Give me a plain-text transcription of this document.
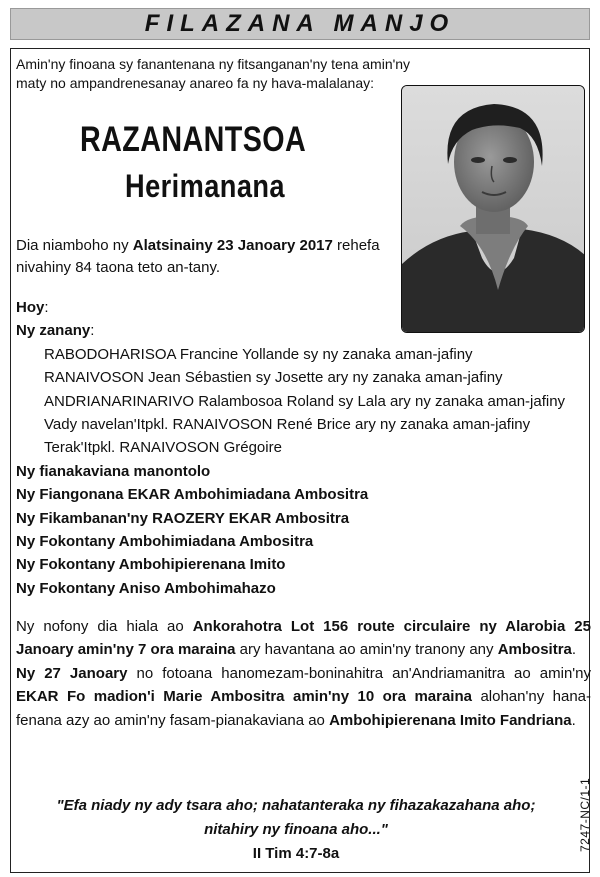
FILAZANA MANJO
Amin'ny finoana sy fanantenana ny fitsanganan'ny tena amin'ny maty no ampandrenesanay anareo fa ny hava-malalanay:
RAZANANTSOA
Herimanana
Dia niamboho ny Alatsinainy 23 Janoary 2017 rehefa nivahiny 84 taona teto an-tany.
Hoy:
Ny zanany:
RABODOHARISOA Francine Yollande sy ny zanaka aman-jafiny
RANAIVOSON Jean Sébastien sy Josette ary ny zanaka aman-jafiny
ANDRIANARINARIVO Ralambosoa Roland sy Lala ary ny zanaka aman-jafiny
Vady navelan'Itpkl. RANAIVOSON René Brice ary ny zanaka aman-jafiny
Terak'Itpkl. RANAIVOSON Grégoire
Ny fianakaviana manontolo
Ny Fiangonana EKAR Ambohimiadana Ambositra
Ny Fikambanan'ny RAOZERY EKAR Ambositra
Ny Fokontany Ambohimiadana Ambositra
Ny Fokontany Ambohipierenana Imito
Ny Fokontany Aniso Ambohimahazo

Ny nofony dia hiala ao Ankorahotra Lot 156 route circulaire ny Alarobia 25 Janoary amin'ny 7 ora maraina ary havantana ao amin'ny tranony any Ambositra.

Ny 27 Janoary no fotoana hanomezam-boninahitra an'Andriamanitra ao amin'ny EKAR Fo madion'i Marie Ambositra amin'ny 10 ora maraina alohan'ny hana-fenana azy ao amin'ny fasam-pianakaviana ao Ambohipierenana Imito Fandriana.

"Efa niady ny ady tsara aho; nahatanteraka ny fihazakazahana aho;
nitahiry ny finoana aho..."
II Tim 4:7-8a
7247-NC/1-1
